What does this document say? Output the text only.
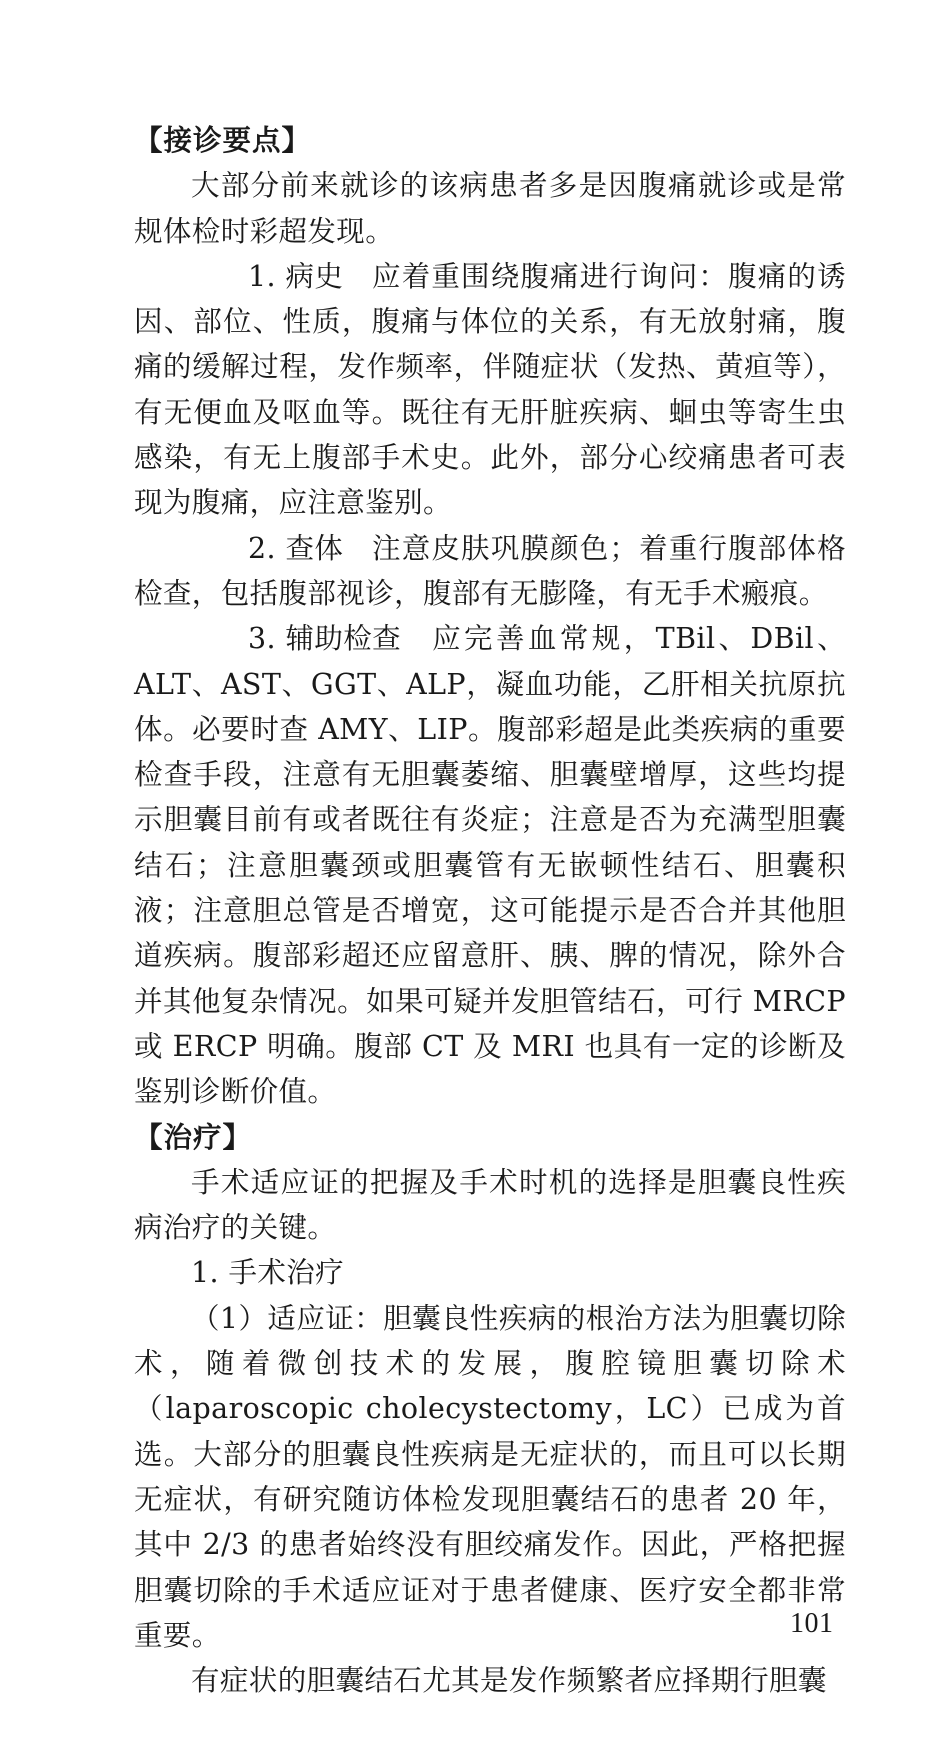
【接诊要点】

大部分前来就诊的该病患者多是因腹痛就诊或是常规体检时彩超发现。

1. 病史 应着重围绕腹痛进行询问：腹痛的诱因、部位、性质，腹痛与体位的关系，有无放射痛，腹痛的缓解过程，发作频率，伴随症状（发热、黄疸等），有无便血及呕血等。既往有无肝脏疾病、蛔虫等寄生虫感染，有无上腹部手术史。此外，部分心绞痛患者可表现为腹痛，应注意鉴别。

2. 查体 注意皮肤巩膜颜色；着重行腹部体格检查，包括腹部视诊，腹部有无膨隆，有无手术瘢痕。

3. 辅助检查 应完善血常规，TBil、DBil、ALT、AST、GGT、ALP，凝血功能，乙肝相关抗原抗体。必要时查 AMY、LIP。腹部彩超是此类疾病的重要检查手段，注意有无胆囊萎缩、胆囊壁增厚，这些均提示胆囊目前有或者既往有炎症；注意是否为充满型胆囊结石；注意胆囊颈或胆囊管有无嵌顿性结石、胆囊积液；注意胆总管是否增宽，这可能提示是否合并其他胆道疾病。腹部彩超还应留意肝、胰、脾的情况，除外合并其他复杂情况。如果可疑并发胆管结石，可行 MRCP 或 ERCP 明确。腹部 CT 及 MRI 也具有一定的诊断及鉴别诊断价值。

【治疗】

手术适应证的把握及手术时机的选择是胆囊良性疾病治疗的关键。

1. 手术治疗

（1）适应证：胆囊良性疾病的根治方法为胆囊切除术，随着微创技术的发展，腹腔镜胆囊切除术（laparoscopic cholecystectomy，LC）已成为首选。大部分的胆囊良性疾病是无症状的，而且可以长期无症状，有研究随访体检发现胆囊结石的患者 20 年，其中 2/3 的患者始终没有胆绞痛发作。因此，严格把握胆囊切除的手术适应证对于患者健康、医疗安全都非常重要。

有症状的胆囊结石尤其是发作频繁者应择期行胆囊

101
